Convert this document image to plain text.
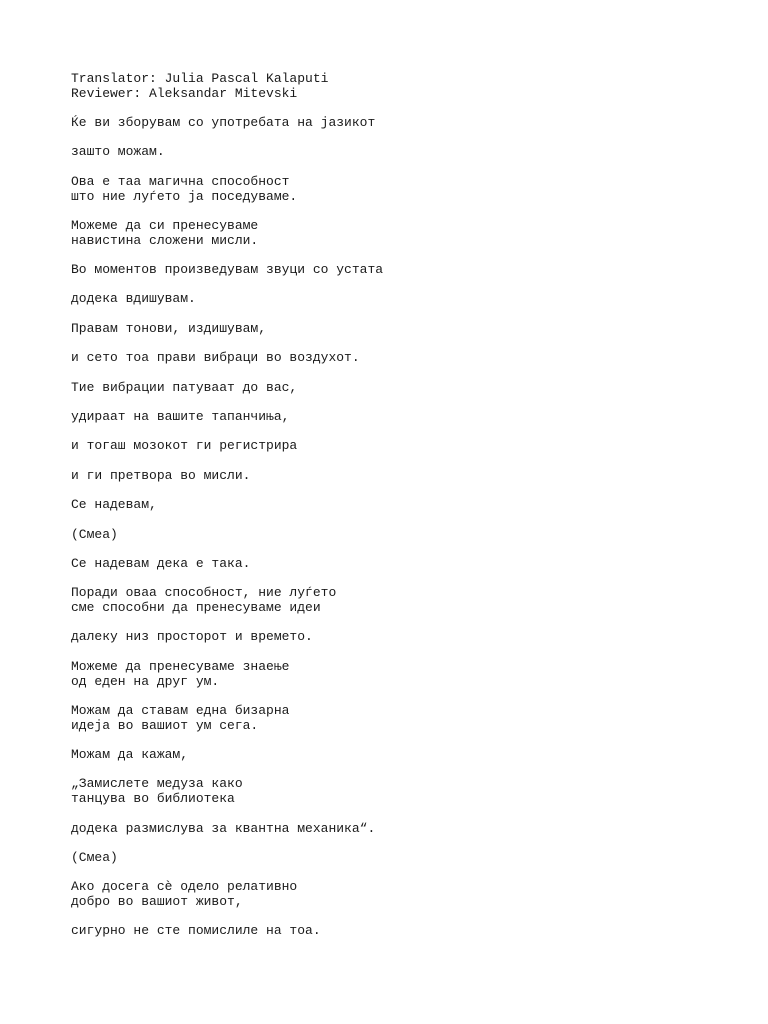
Translator: Julia Pascal Kalaputi
Reviewer: Aleksandar Mitevski
Ќе ви зборувам со употребата на јазикот
зашто можам.
Ова е таа магична способност
што ние луѓето ја поседуваме.
Можеме да си пренесуваме
навистина сложени мисли.
Во моментов произведувам звуци со устата
додека вдишувам.
Правам тонови, издишувам,
и сето тоа прави вибраци во воздухот.
Тие вибрации патуваат до вас,
удираат на вашите тапанчиња,
и тогаш мозокот ги регистрира
и ги претвора во мисли.
Се надевам,
(Смеа)
Се надевам дека е така.
Поради оваа способност, ние луѓето
сме способни да пренесуваме идеи
далеку низ просторот и времето.
Можеме да пренесуваме знаење
од еден на друг ум.
Можам да ставам една бизарна
идеја во вашиот ум сега.
Можам да кажам,
„Замислете медуза како
танцува во библиотека
додека размислува за квантна механика“.
(Смеа)
Ако досега сѐ одело релативно
добро во вашиот живот,
сигурно не сте помислиле на тоа.
